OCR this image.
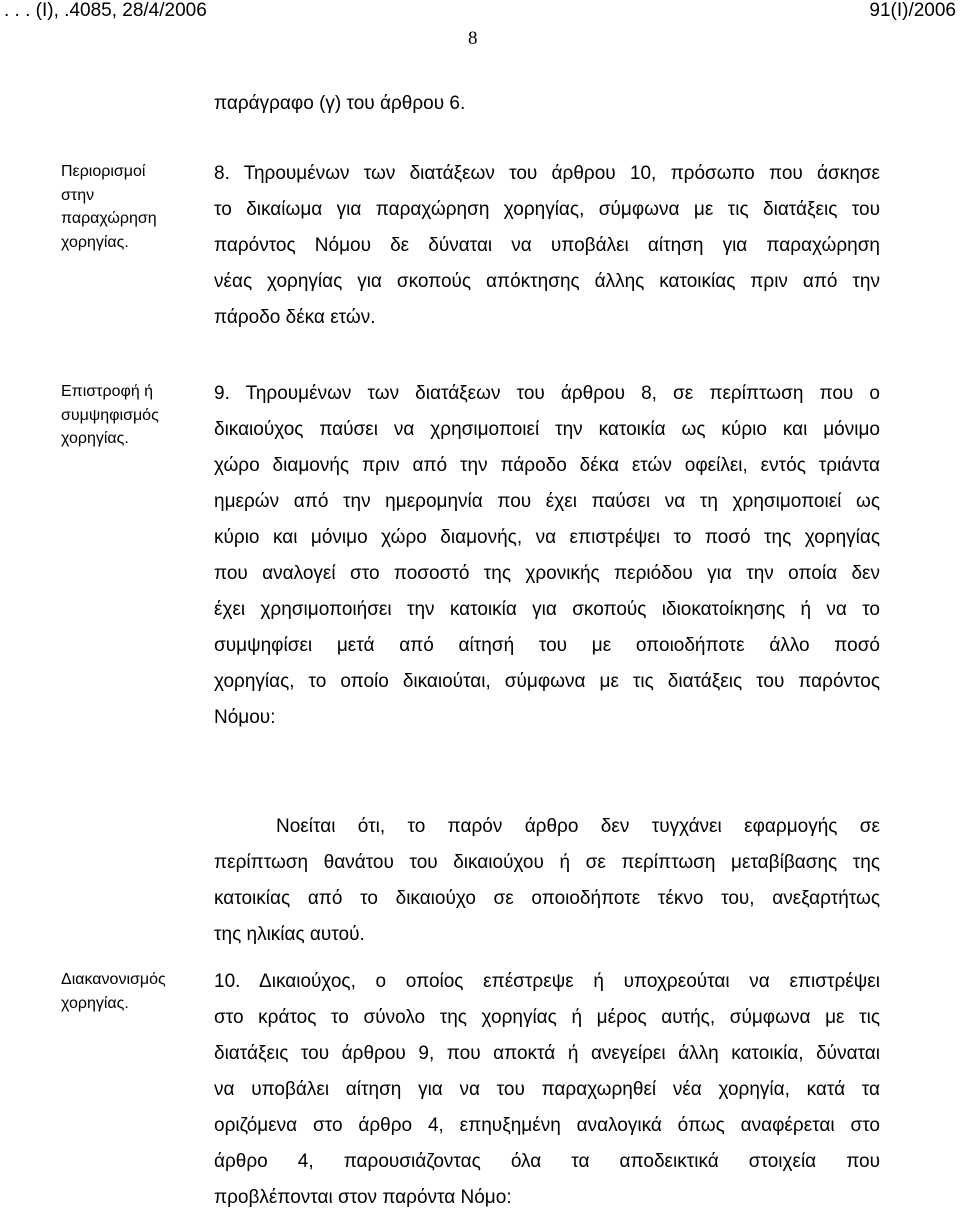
. . . (Ι), .4085, 28/4/2006	91(Ι)/2006
8
παράγραφο (γ) του άρθρου 6.
Περιορισμοί
στην
παραχώρηση
χορηγίας.
8. Τηρουμένων των διατάξεων του άρθρου 10, πρόσωπο που άσκησε
το δικαίωμα για παραχώρηση χορηγίας, σύμφωνα με τις διατάξεις του
παρόντος Νόμου δε δύναται να υποβάλει αίτηση για παραχώρηση
νέας χορηγίας για σκοπούς απόκτησης άλλης κατοικίας πριν από την
πάροδο δέκα ετών.
Επιστροφή ή
συμψηφισμός
χορηγίας.
9. Τηρουμένων των διατάξεων του άρθρου 8, σε περίπτωση που ο
δικαιούχος παύσει να χρησιμοποιεί την κατοικία ως κύριο και μόνιμο
χώρο διαμονής πριν από την πάροδο δέκα ετών οφείλει, εντός τριάντα
ημερών από την ημερομηνία που έχει παύσει να τη χρησιμοποιεί ως
κύριο και μόνιμο χώρο διαμονής, να επιστρέψει το ποσό της χορηγίας
που αναλογεί στο ποσοστό της χρονικής περιόδου για την οποία δεν
έχει χρησιμοποιήσει την κατοικία για σκοπούς ιδιοκατοίκησης ή να το
συμψηφίσει μετά από αίτησή του με οποιοδήποτε άλλο ποσό
χορηγίας, το οποίο δικαιούται, σύμφωνα με τις διατάξεις του παρόντος
Νόμου:
Νοείται ότι, το παρόν άρθρο δεν τυγχάνει εφαρμογής σε
περίπτωση θανάτου του δικαιούχου ή σε περίπτωση μεταβίβασης της
κατοικίας από το δικαιούχο σε οποιοδήποτε τέκνο του, ανεξαρτήτως
της ηλικίας αυτού.
Διακανονισμός
χορηγίας.
10. Δικαιούχος, ο οποίος επέστρεψε ή υποχρεούται να επιστρέψει
στο κράτος το σύνολο της χορηγίας ή μέρος αυτής, σύμφωνα με τις
διατάξεις του άρθρου 9, που αποκτά ή ανεγείρει άλλη κατοικία, δύναται
να υποβάλει αίτηση για να του παραχωρηθεί νέα χορηγία, κατά τα
οριζόμενα στο άρθρο 4, επηυξημένη αναλογικά όπως αναφέρεται στο
άρθρο 4, παρουσιάζοντας όλα τα αποδεικτικά στοιχεία που
προβλέπονται στον παρόντα Νόμο:
